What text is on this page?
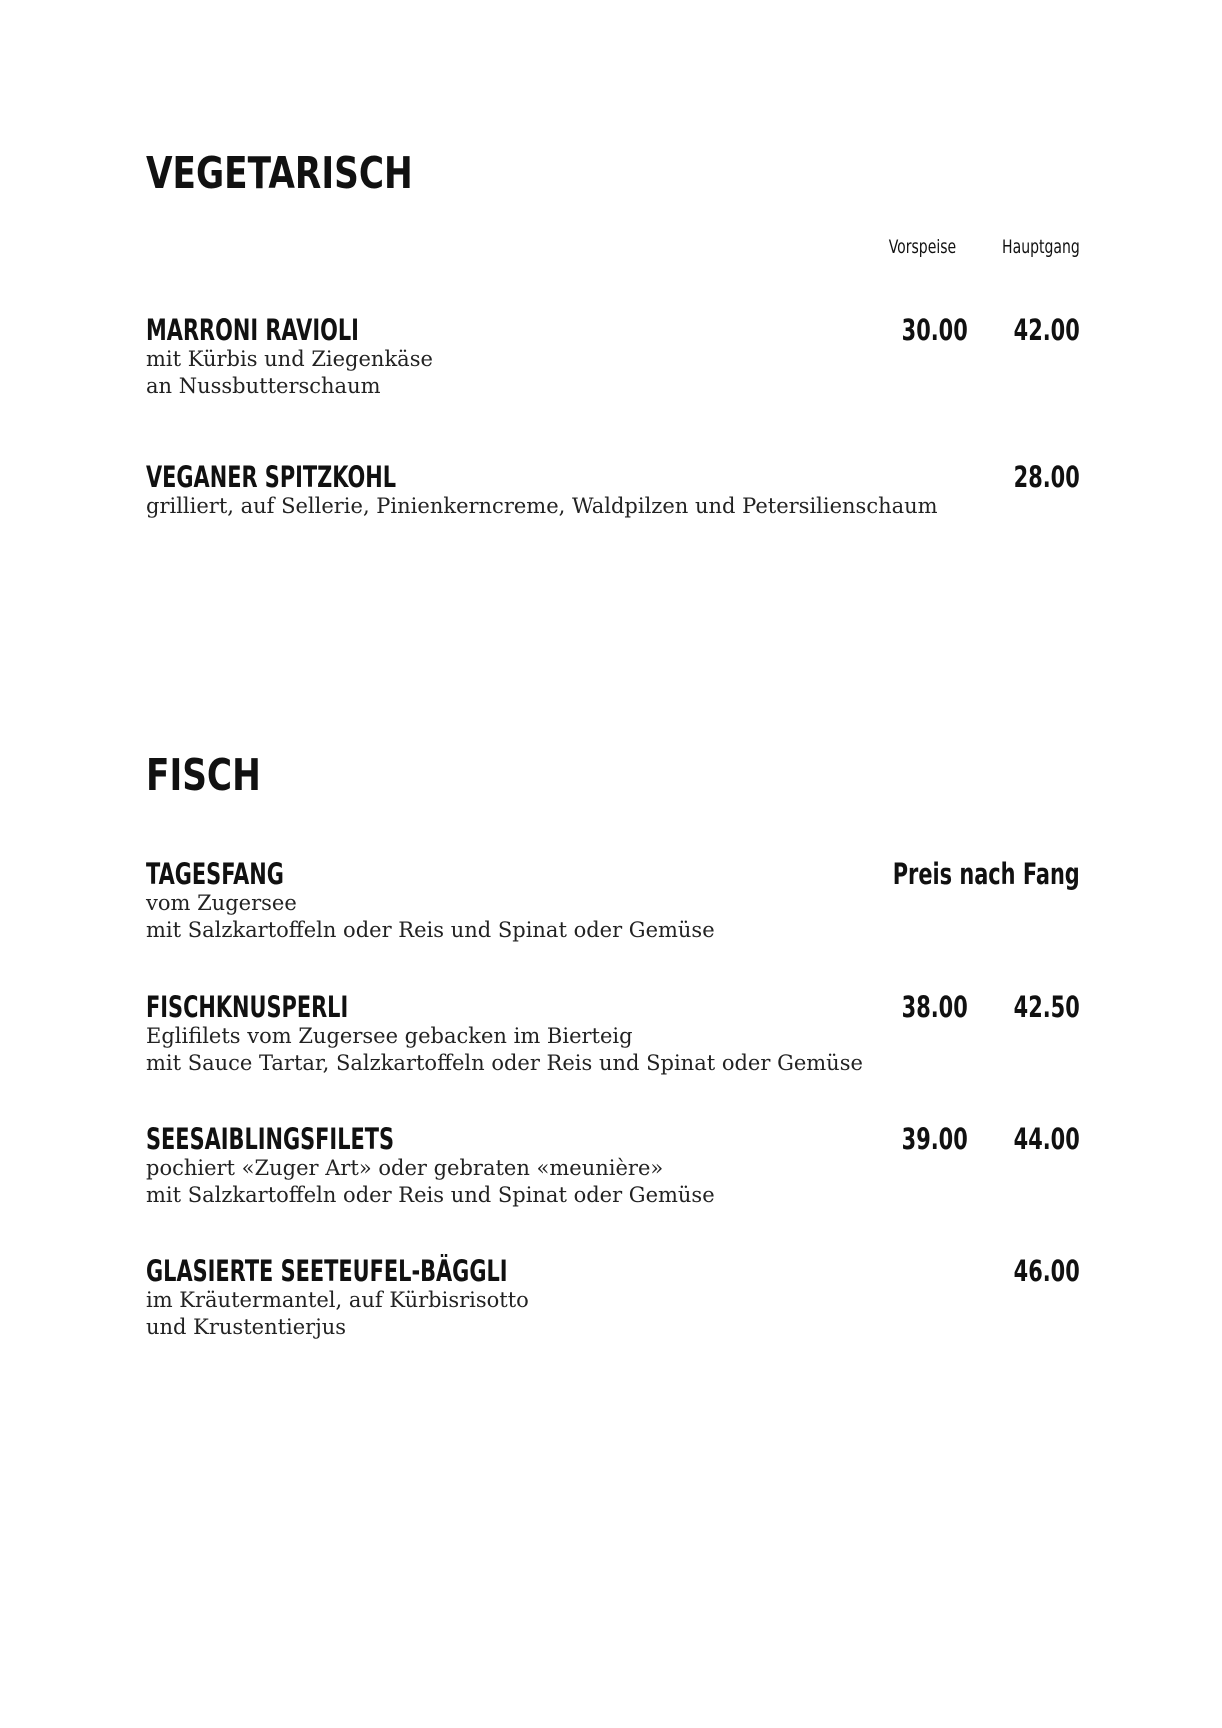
VEGETARISCH
Vorspeise Hauptgang
MARRONI RAVIOLI
mit Kürbis und Ziegenkäse
an Nussbutterschaum
30.00 42.00
VEGANER SPITZKOHL
grilliert, auf Sellerie, Pinienkerncreme, Waldpilzen und Petersilienschaum
28.00
FISCH
TAGESFANG
vom Zugersee
mit Salzkartoffeln oder Reis und Spinat oder Gemüse
Preis nach Fang
FISCHKNUSPERLI
Eglifilets vom Zugersee gebacken im Bierteig
mit Sauce Tartar, Salzkartoffeln oder Reis und Spinat oder Gemüse
38.00 42.50
SEESAIBLINGSFILETS
pochiert «Zuger Art» oder gebraten «meunière»
mit Salzkartoffeln oder Reis und Spinat oder Gemüse
39.00 44.00
GLASIERTE SEETEUFEL-BÄGGLI
im Kräutermantel, auf Kürbisrisotto
und Krustentierjus
46.00
